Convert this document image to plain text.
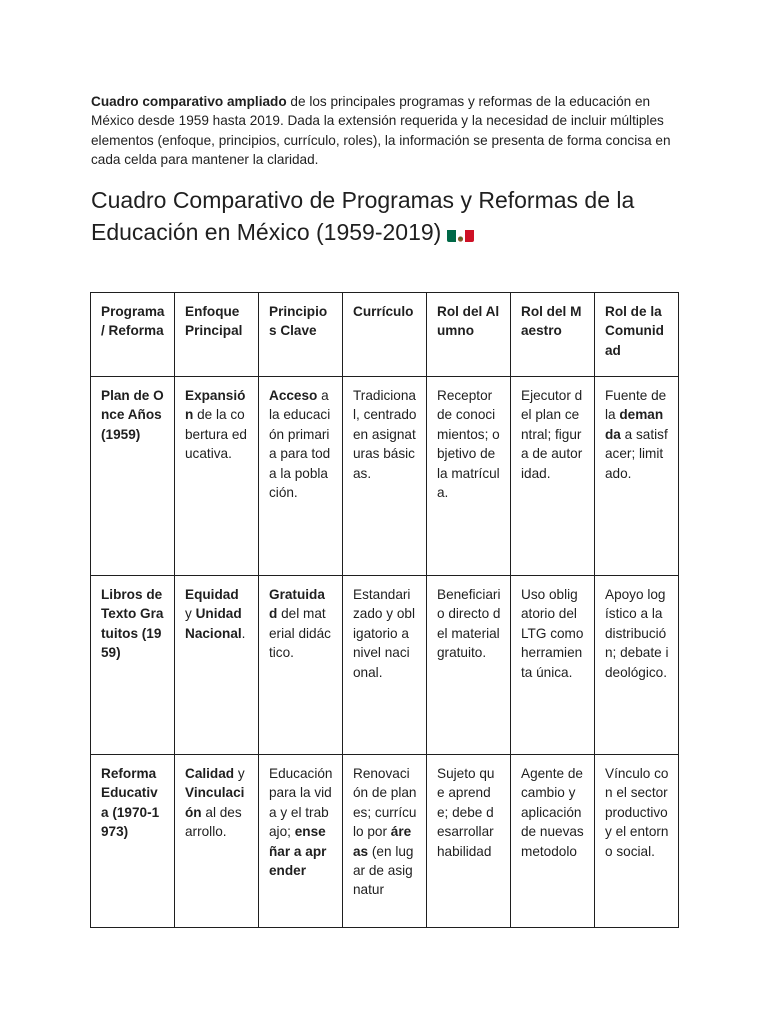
Cuadro comparativo ampliado de los principales programas y reformas de la educación en México desde 1959 hasta 2019. Dada la extensión requerida y la necesidad de incluir múltiples elementos (enfoque, principios, currículo, roles), la información se presenta de forma concisa en cada celda para mantener la claridad.

Cuadro Comparativo de Programas y Reformas de la Educación en México (1959-2019)
Programa / Reforma	Enfoque Principal	Principios Clave	Currículo	Rol del Alumno	Rol del Maestro	Rol de la Comunidad
Plan de Once Años (1959)	Expansión de la cobertura educativa.	Acceso a la educación primaria para toda la población.	Tradicional, centrado en asignaturas básicas.	Receptor de conocimientos; objetivo de la matrícula.	Ejecutor del plan central; figura de autoridad.	Fuente de la demanda a satisfacer; limitado.
Libros de Texto Gratuitos (1959)	Equidad y Unidad Nacional.	Gratuidad del material didáctico.	Estandarizado y obligatorio a nivel nacional.	Beneficiario directo del material gratuito.	Uso obligatorio del LTG como herramienta única.	Apoyo logístico a la distribución; debate ideológico.
Reforma Educativa (1970-1973)	Calidad y Vinculación al desarrollo.	Educación para la vida y el trabajo; enseñar a aprender	Renovación de planes; currículo por áreas (en lugar de asignatur	Sujeto que aprende; debe desarrollar habilidad	Agente de cambio y aplicación de nuevas metodolo	Vínculo con el sector productivo y el entorno social.
